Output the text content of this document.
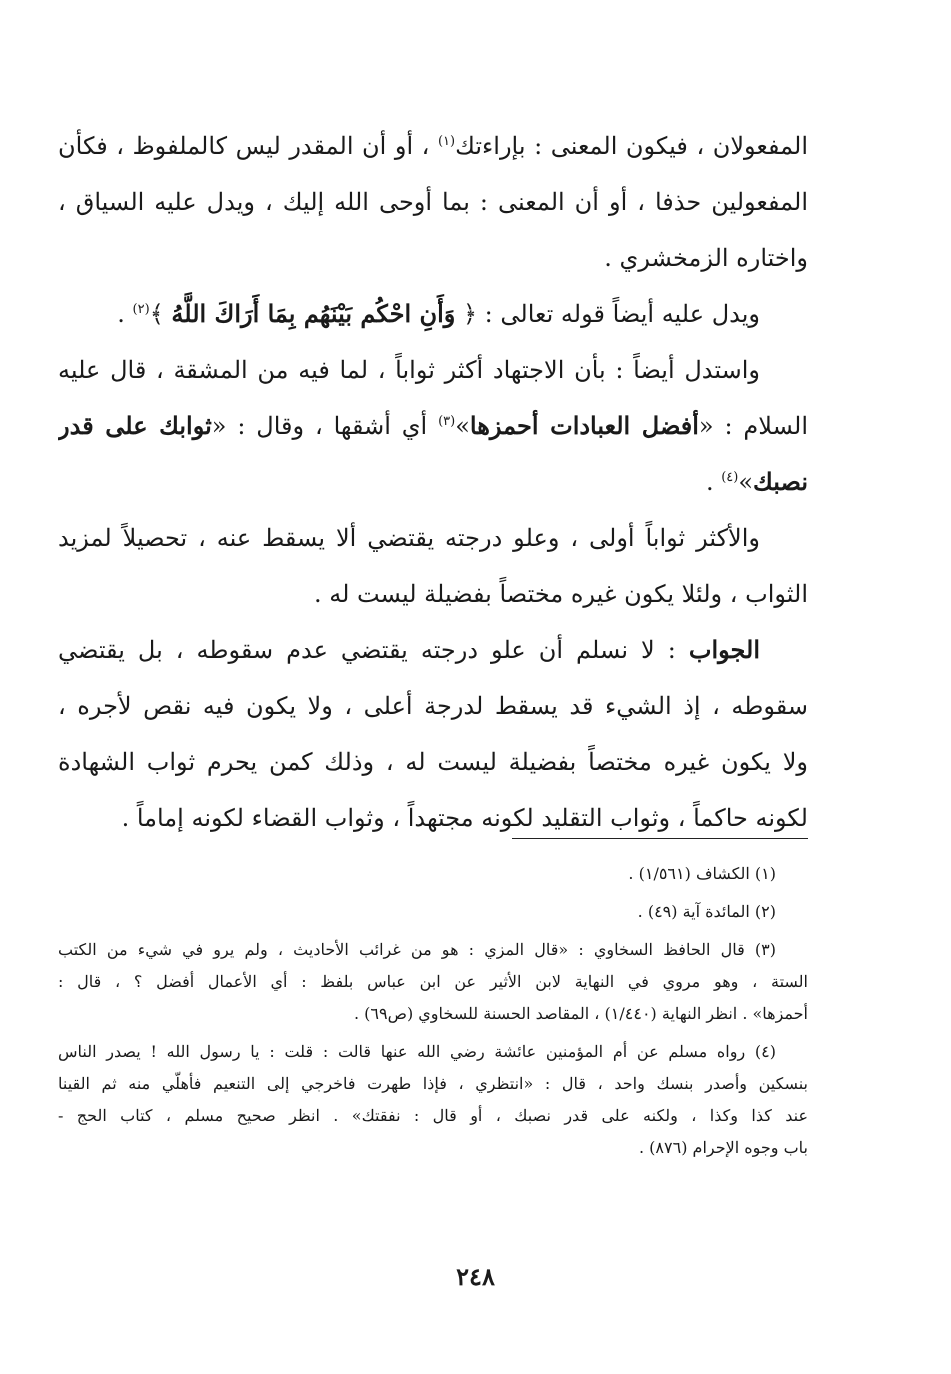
المفعولان ، فيكون المعنى : بإراءتك$^{(١)}$ ، أو أن المقدر ليس كالملفوظ ، فكأن
المفعولين حذفا ، أو أن المعنى : بما أوحى الله إليك ، ويدل عليه السياق ،
واختاره الزمخشري .

  ويدل عليه أيضاً قوله تعالى : ﴿ وَأَنِ احْكُم بَيْنَهُم بِمَا أَرَاكَ اللَّهُ ﴾$^{(٢)}$ .

  واستدل أيضاً : بأن الاجتهاد أكثر ثواباً ، لما فيه من المشقة ، قال عليه
السلام : «أفضل العبادات أحمزها»$^{(٣)}$ أي أشقها ، وقال : «ثوابك على قدر
نصبك»$^{(٤)}$ .

  والأكثر ثواباً أولى ، وعلو درجته يقتضي ألا يسقط عنه ، تحصيلاً لمزيد
الثواب ، ولئلا يكون غيره مختصاً بفضيلة ليست له .

  الجواب : لا نسلم أن علو درجته يقتضي عدم سقوطه ، بل يقتضي
سقوطه ، إذ الشيء قد يسقط لدرجة أعلى ، ولا يكون فيه نقص لأجره ،
ولا يكون غيره مختصاً بفضيلة ليست له ، وذلك كمن يحرم ثواب الشهادة
لكونه حاكماً ، وثواب التقليد لكونه مجتهداً ، وثواب القضاء لكونه إماماً .

  (١) الكشاف (١/٥٦١) .

  (٢) المائدة آية (٤٩) .

  (٣) قال الحافظ السخاوي : «قال المزي : هو من غرائب الأحاديث ، ولم يرو في شيء من الكتب
الستة ، وهو مروي في النهاية لابن الأثير عن ابن عباس بلفظ : أي الأعمال أفضل ؟ ، قال :
أحمزها» . انظر النهاية (١/٤٤٠) ، المقاصد الحسنة للسخاوي (ص٦٩) .

  (٤) رواه مسلم عن أم المؤمنين عائشة رضي الله عنها قالت : قلت : يا رسول الله ! يصدر الناس
بنسكين وأصدر بنسك واحد ، قال : «انتظري ، فإذا طهرت فاخرجي إلى التنعيم فأهلّي منه ثم القينا
عند كذا وكذا ، ولكنه على قدر نصبك ، أو قال : نفقتك» . انظر صحيح مسلم ، كتاب الحج -
باب وجوه الإحرام (٨٧٦) .

٢٤٨
